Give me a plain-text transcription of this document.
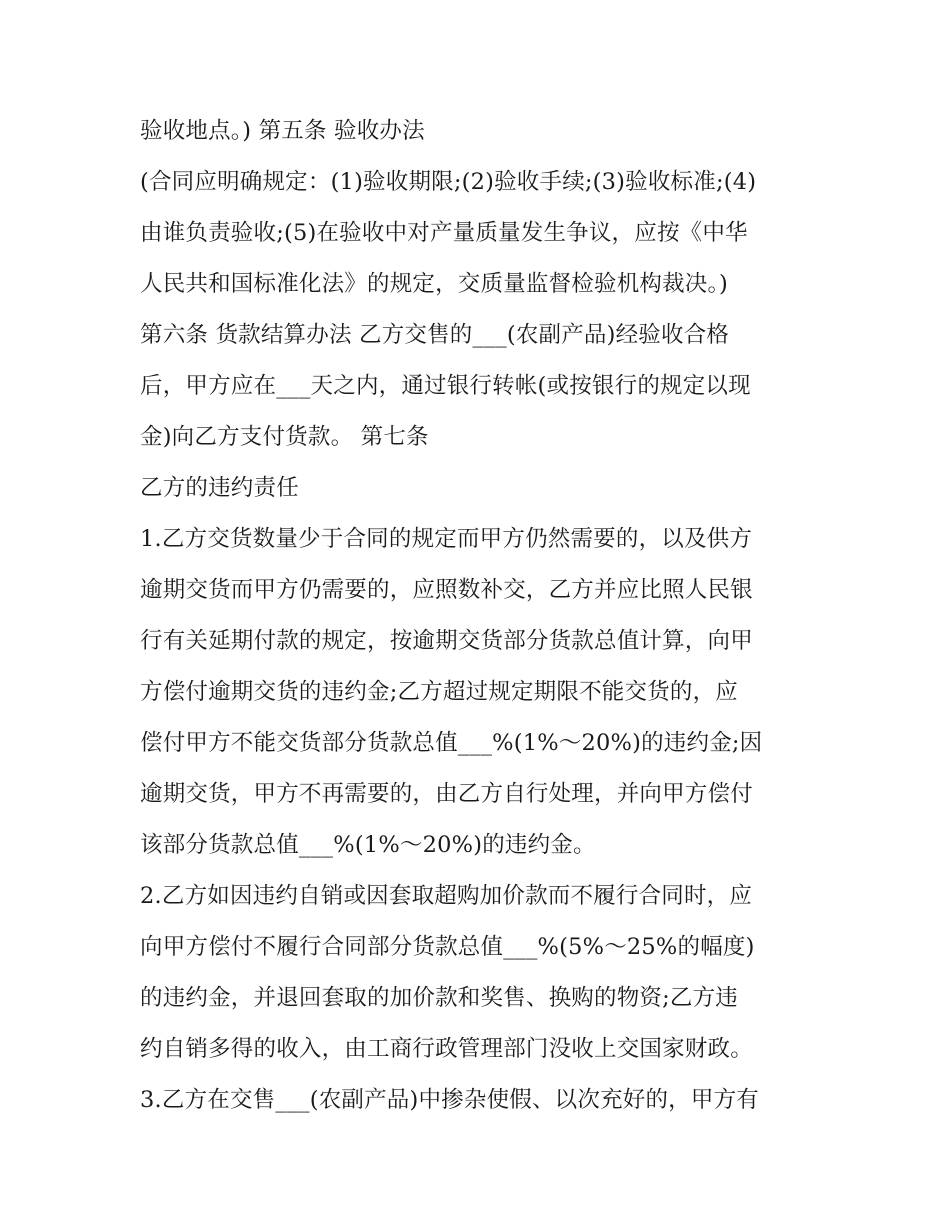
验收地点。) 第五条 验收办法
(合同应明确规定：(1)验收期限;(2)验收手续;(3)验收标准;(4)
由谁负责验收;(5)在验收中对产量质量发生争议，应按《中华
人民共和国标准化法》的规定，交质量监督检验机构裁决。)
第六条 货款结算办法 乙方交售的___(农副产品)经验收合格
后，甲方应在___天之内，通过银行转帐(或按银行的规定以现
金)向乙方支付货款。 第七条
乙方的违约责任
1.乙方交货数量少于合同的规定而甲方仍然需要的，以及供方
逾期交货而甲方仍需要的，应照数补交，乙方并应比照人民银
行有关延期付款的规定，按逾期交货部分货款总值计算，向甲
方偿付逾期交货的违约金;乙方超过规定期限不能交货的，应
偿付甲方不能交货部分货款总值___%(1%～20%)的违约金;因
逾期交货，甲方不再需要的，由乙方自行处理，并向甲方偿付
该部分货款总值___%(1%～20%)的违约金。
2.乙方如因违约自销或因套取超购加价款而不履行合同时，应
向甲方偿付不履行合同部分货款总值___%(5%～25%的幅度)
的违约金，并退回套取的加价款和奖售、换购的物资;乙方违
约自销多得的收入，由工商行政管理部门没收上交国家财政。
3.乙方在交售___(农副产品)中掺杂使假、以次充好的，甲方有
